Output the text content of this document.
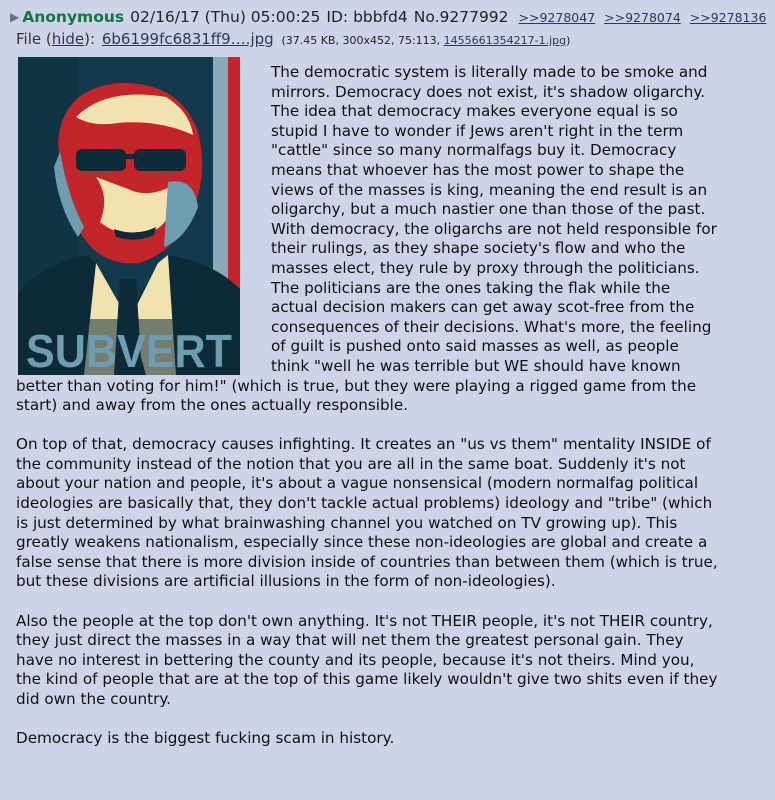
▶ Anonymous 02/16/17 (Thu) 05:00:25 ID: bbbfd4 No.9277992 >>9278047 >>9278074 >>9278136
File (hide): 6b6199fc6831ff9….jpg (37.45 KB, 300x452, 75:113, 1455661354217-1.jpg)
SUBVERT

The democratic system is literally made to be smoke and mirrors. Democracy does not exist, it's shadow oligarchy. The idea that democracy makes everyone equal is so stupid I have to wonder if Jews aren't right in the term "cattle" since so many normalfags buy it. Democracy means that whoever has the most power to shape the views of the masses is king, meaning the end result is an oligarchy, but a much nastier one than those of the past. With democracy, the oligarchs are not held responsible for their rulings, as they shape society's flow and who the masses elect, they rule by proxy through the politicians. The politicians are the ones taking the flak while the actual decision makers can get away scot-free from the consequences of their decisions. What's more, the feeling of guilt is pushed onto said masses as well, as people think "well he was terrible but WE should have known better than voting for him!" (which is true, but they were playing a rigged game from the start) and away from the ones actually responsible.

On top of that, democracy causes infighting. It creates an "us vs them" mentality INSIDE of the community instead of the notion that you are all in the same boat. Suddenly it's not about your nation and people, it's about a vague nonsensical (modern normalfag political ideologies are basically that, they don't tackle actual problems) ideology and "tribe" (which is just determined by what brainwashing channel you watched on TV growing up). This greatly weakens nationalism, especially since these non-ideologies are global and create a false sense that there is more division inside of countries than between them (which is true, but these divisions are artificial illusions in the form of non-ideologies).

Also the people at the top don't own anything. It's not THEIR people, it's not THEIR country, they just direct the masses in a way that will net them the greatest personal gain. They have no interest in bettering the county and its people, because it's not theirs. Mind you, the kind of people that are at the top of this game likely wouldn't give two shits even if they did own the country.

Democracy is the biggest fucking scam in history.
